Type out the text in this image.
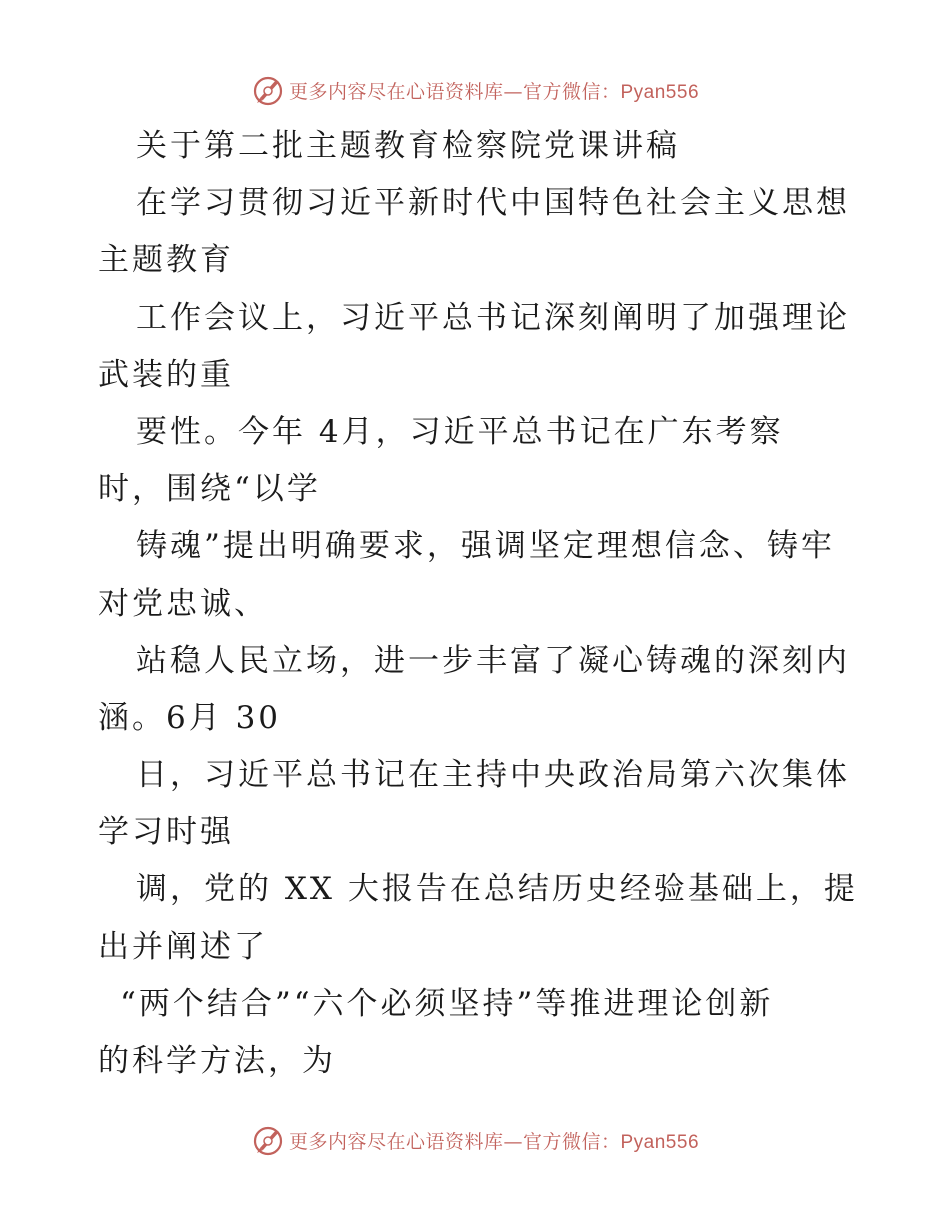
更多内容尽在心语资料库—官方微信：Pyan556
关于第二批主题教育检察院党课讲稿
在学习贯彻习近平新时代中国特色社会主义思想
主题教育
工作会议上，习近平总书记深刻阐明了加强理论
武装的重
要性。今年 4月，习近平总书记在广东考察
时，围绕“以学
铸魂”提出明确要求，强调坚定理想信念、铸牢
对党忠诚、
站稳人民立场，进一步丰富了凝心铸魂的深刻内
涵。6月 30
日，习近平总书记在主持中央政治局第六次集体
学习时强
调，党的 XX 大报告在总结历史经验基础上，提
出并阐述了
“两个结合”“六个必须坚持”等推进理论创新
的科学方法，为
更多内容尽在心语资料库—官方微信：Pyan556
